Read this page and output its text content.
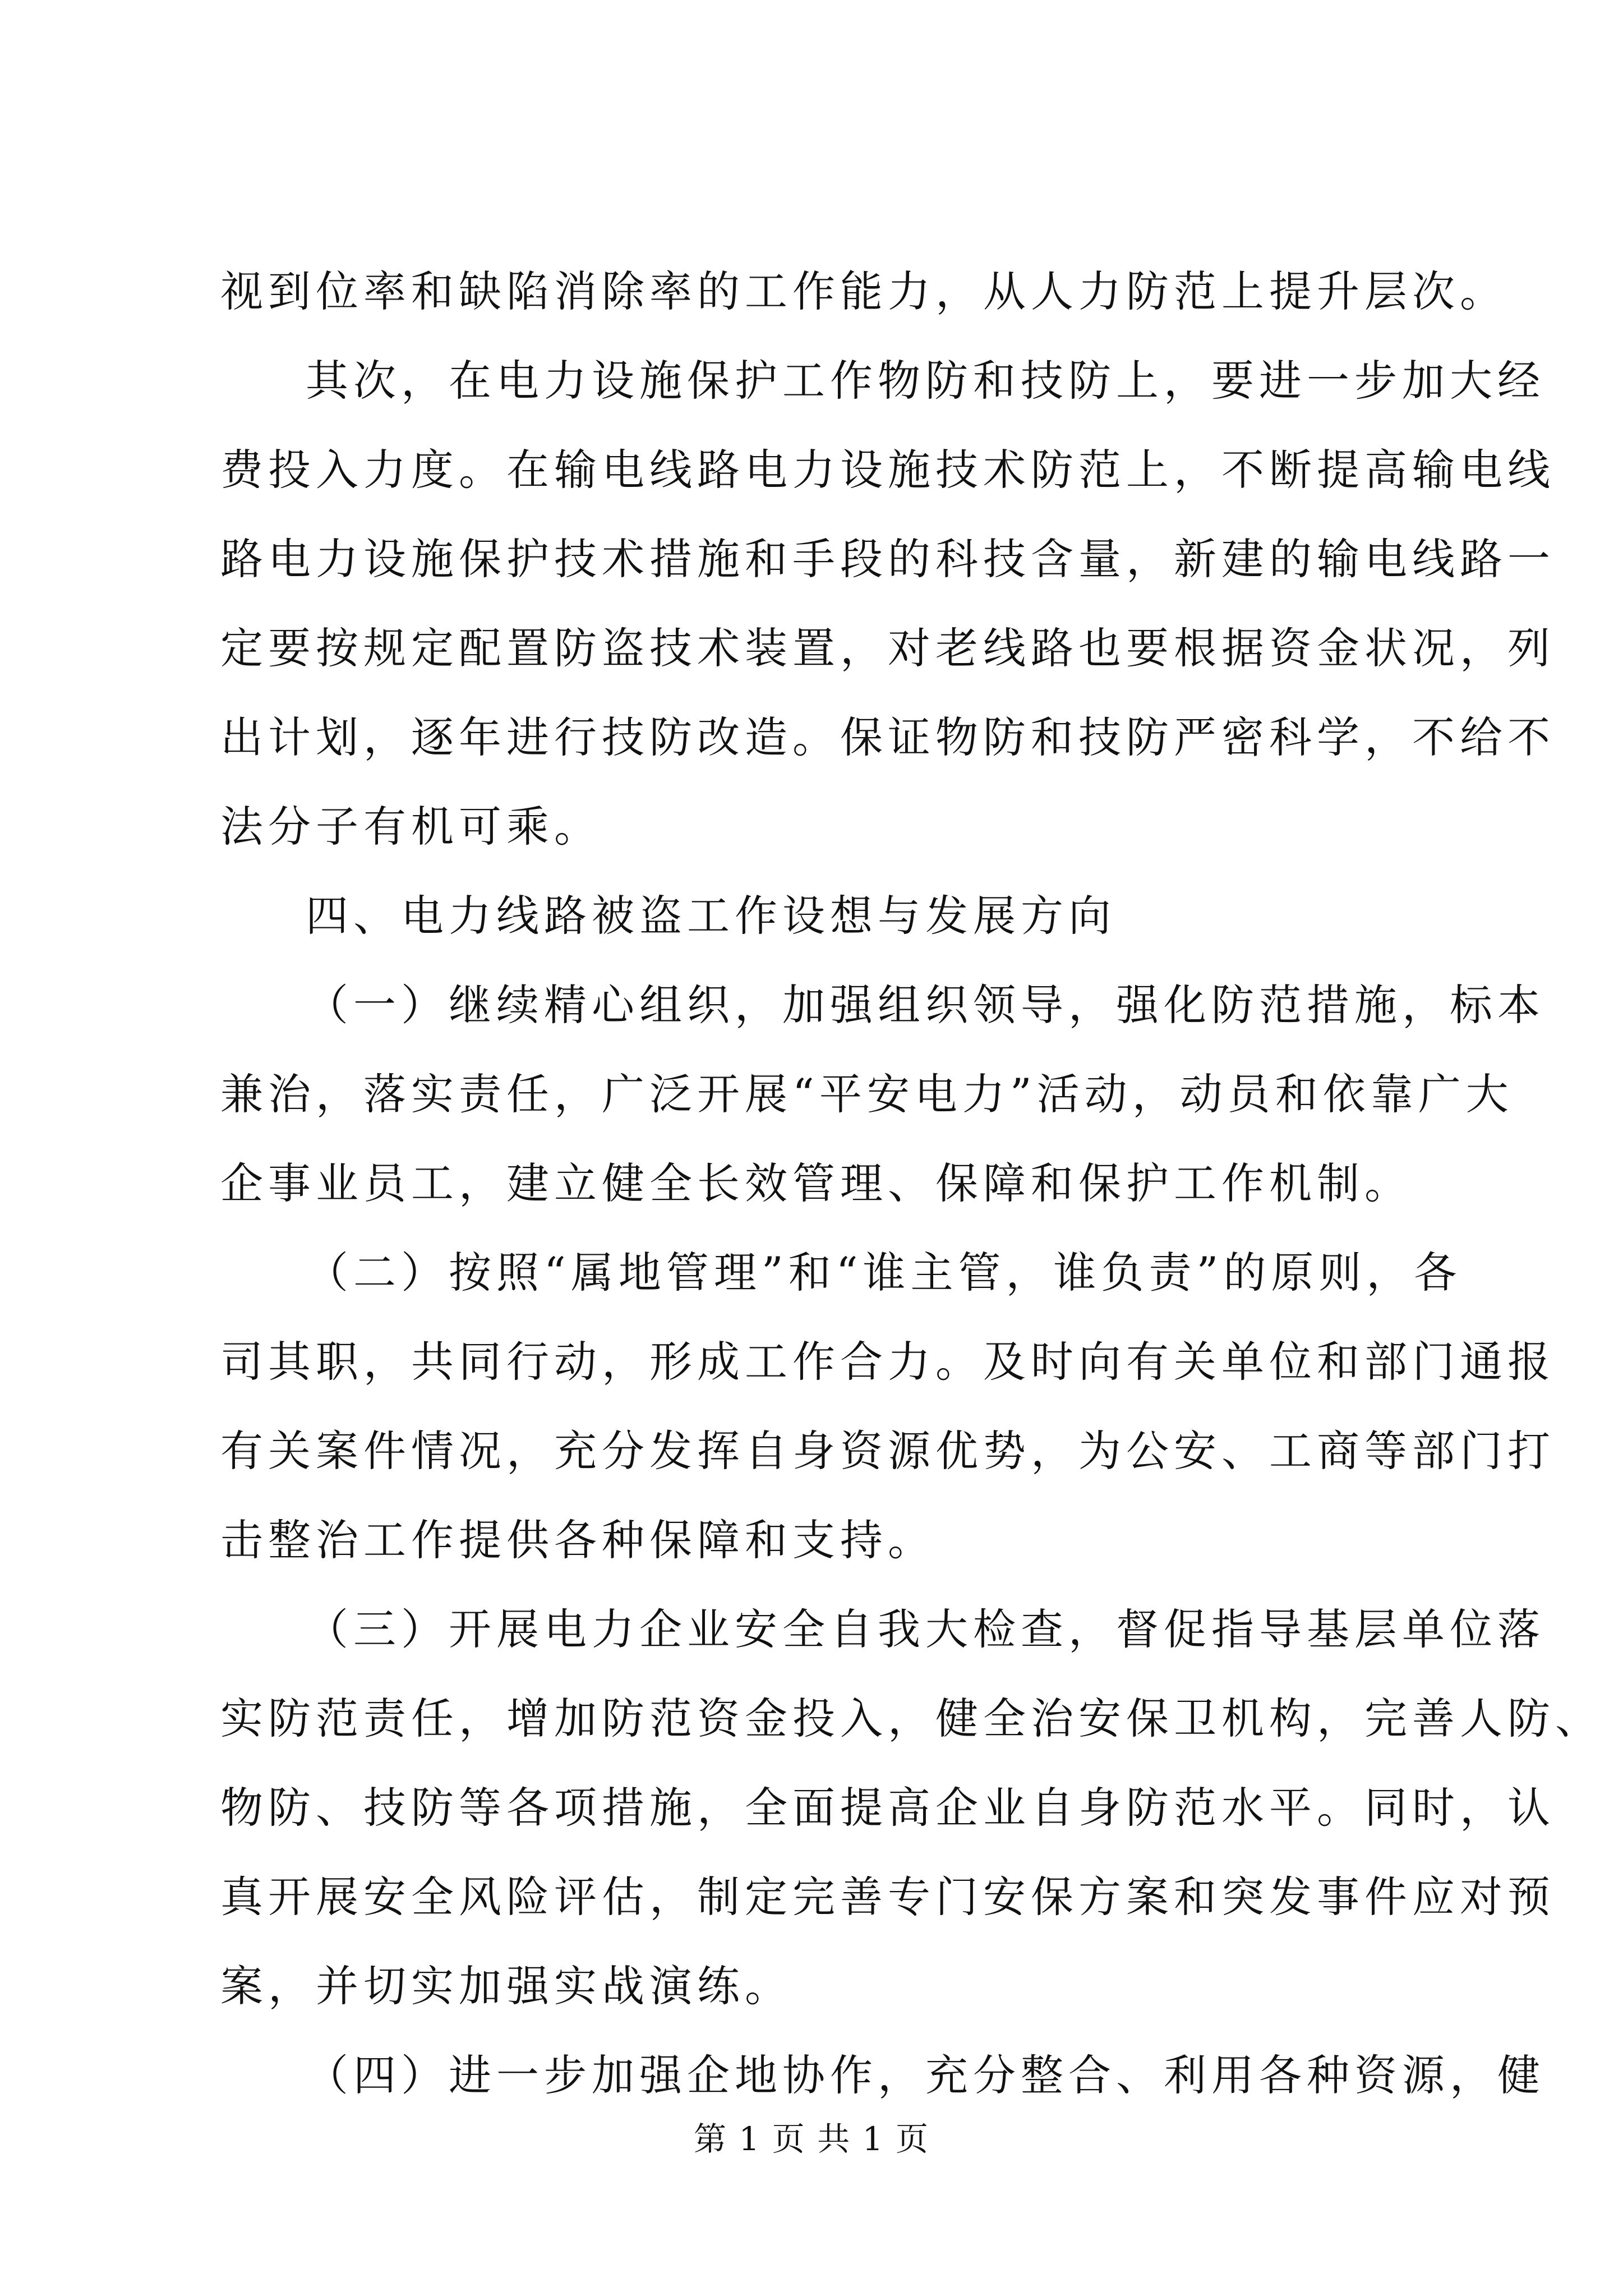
视到位率和缺陷消除率的工作能力，从人力防范上提升层次。
其次，在电力设施保护工作物防和技防上，要进一步加大经
费投入力度。在输电线路电力设施技术防范上，不断提高输电线
路电力设施保护技术措施和手段的科技含量，新建的输电线路一
定要按规定配置防盗技术装置，对老线路也要根据资金状况，列
出计划，逐年进行技防改造。保证物防和技防严密科学，不给不
法分子有机可乘。
四、电力线路被盗工作设想与发展方向
（一）继续精心组织，加强组织领导，强化防范措施，标本
兼治，落实责任，广泛开展“平安电力”活动，动员和依靠广大
企事业员工，建立健全长效管理、保障和保护工作机制。
（二）按照“属地管理”和“谁主管，谁负责”的原则，各
司其职，共同行动，形成工作合力。及时向有关单位和部门通报
有关案件情况，充分发挥自身资源优势，为公安、工商等部门打
击整治工作提供各种保障和支持。
（三）开展电力企业安全自我大检查，督促指导基层单位落
实防范责任，增加防范资金投入，健全治安保卫机构，完善人防、
物防、技防等各项措施，全面提高企业自身防范水平。同时，认
真开展安全风险评估，制定完善专门安保方案和突发事件应对预
案，并切实加强实战演练。
（四）进一步加强企地协作，充分整合、利用各种资源，健
第 1 页 共 1 页
